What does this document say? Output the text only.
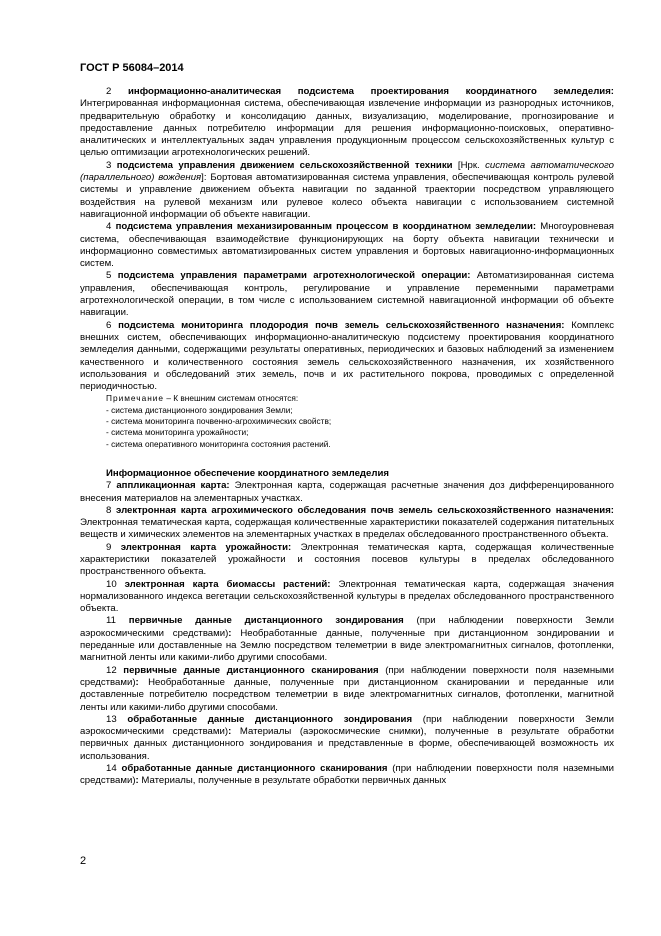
ГОСТ Р 56084–2014

2 информационно-аналитическая подсистема проектирования координатного земледелия: Интегрированная информационная система, обеспечивающая извлечение информации из разнородных источников, предварительную обработку и консолидацию данных, визуализацию, моделирование, прогнозирование и предоставление данных потребителю информации для решения информационно-поисковых, оперативно-аналитических и интеллектуальных задач управления продукционным процессом сельскохозяйственных культур с целью оптимизации агротехнологических решений.

3 подсистема управления движением сельскохозяйственной техники [Нрк. система автоматического (параллельного) вождения]: Бортовая автоматизированная система управления, обеспечивающая контроль рулевой системы и управление движением объекта навигации по заданной траектории посредством управляющего воздействия на рулевой механизм или рулевое колесо объекта навигации с использованием системной навигационной информации об объекте навигации.

4 подсистема управления механизированным процессом в координатном земледелии: Многоуровневая система, обеспечивающая взаимодействие функционирующих на борту объекта навигации технически и информационно совместимых автоматизированных систем управления и бортовых навигационно-информационных систем.

5 подсистема управления параметрами агротехнологической операции: Автоматизированная система управления, обеспечивающая контроль, регулирование и управление переменными параметрами агротехнологической операции, в том числе с использованием системной навигационной информации об объекте навигации.

6 подсистема мониторинга плодородия почв земель сельскохозяйственного назначения: Комплекс внешних систем, обеспечивающих информационно-аналитическую подсистему проектирования координатного земледелия данными, содержащими результаты оперативных, периодических и базовых наблюдений за изменением качественного и количественного состояния земель сельскохозяйственного назначения, их хозяйственного использования и обследований этих земель, почв и их растительного покрова, проводимых с определенной периодичностью.

Примечание – К внешним системам относятся:

- система дистанционного зондирования Земли;

- система мониторинга почвенно-агрохимических свойств;

- система мониторинга урожайности;

- система оперативного мониторинга состояния растений.

Информационное обеспечение координатного земледелия

7 аппликационная карта: Электронная карта, содержащая расчетные значения доз дифференцированного внесения материалов на элементарных участках.

8 электронная карта агрохимического обследования почв земель сельскохозяйственного назначения: Электронная тематическая карта, содержащая количественные характеристики показателей содержания питательных веществ и химических элементов на элементарных участках в пределах обследованного пространственного объекта.

9 электронная карта урожайности: Электронная тематическая карта, содержащая количественные характеристики показателей урожайности и состояния посевов культуры в пределах обследованного пространственного объекта.

10 электронная карта биомассы растений: Электронная тематическая карта, содержащая значения нормализованного индекса вегетации сельскохозяйственной культуры в пределах обследованного пространственного объекта.

11 первичные данные дистанционного зондирования (при наблюдении поверхности Земли аэрокосмическими средствами): Необработанные данные, полученные при дистанционном зондировании и переданные или доставленные на Землю посредством телеметрии в виде электромагнитных сигналов, фотопленки, магнитной ленты или какими-либо другими способами.

12 первичные данные дистанционного сканирования (при наблюдении поверхности поля наземными средствами): Необработанные данные, полученные при дистанционном сканировании и переданные или доставленные потребителю посредством телеметрии в виде электромагнитных сигналов, фотопленки, магнитной ленты или какими-либо другими способами.

13 обработанные данные дистанционного зондирования (при наблюдении поверхности Земли аэрокосмическими средствами): Материалы (аэрокосмические снимки), полученные в результате обработки первичных данных дистанционного зондирования и представленные в форме, обеспечивающей возможность их использования.

14 обработанные данные дистанционного сканирования (при наблюдении поверхности поля наземными средствами): Материалы, полученные в результате обработки первичных данных

2
